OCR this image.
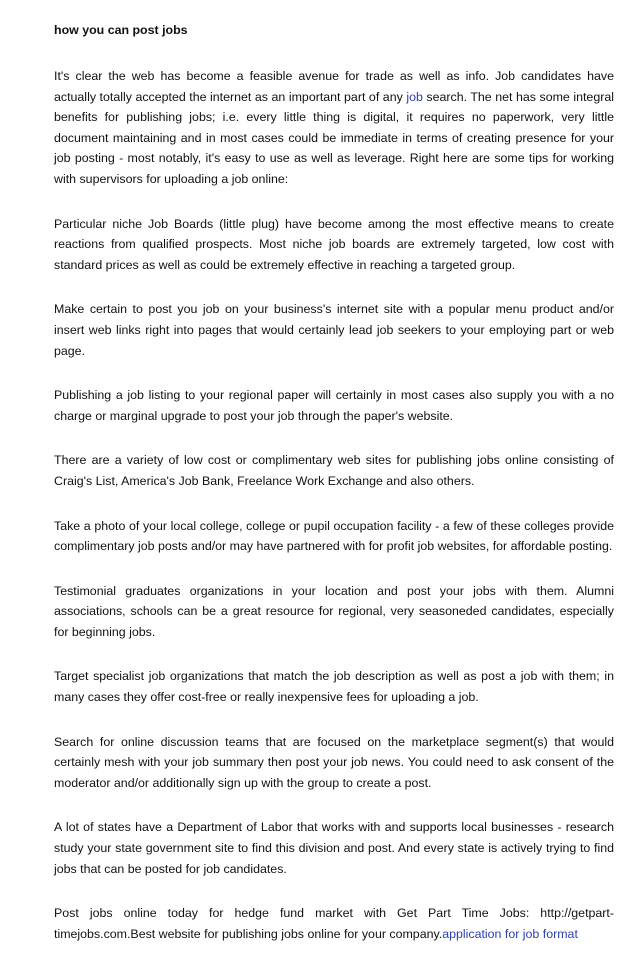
how you can post jobs

It's clear the web has become a feasible avenue for trade as well as info. Job candidates have actually totally accepted the internet as an important part of any job search. The net has some integral benefits for publishing jobs; i.e. every little thing is digital, it requires no paperwork, very little document maintaining and in most cases could be immediate in terms of creating presence for your job posting - most notably, it's easy to use as well as leverage. Right here are some tips for working with supervisors for uploading a job online:

Particular niche Job Boards (little plug) have become among the most effective means to create reactions from qualified prospects. Most niche job boards are extremely targeted, low cost with standard prices as well as could be extremely effective in reaching a targeted group.

Make certain to post you job on your business's internet site with a popular menu product and/or insert web links right into pages that would certainly lead job seekers to your employing part or web page.

Publishing a job listing to your regional paper will certainly in most cases also supply you with a no charge or marginal upgrade to post your job through the paper's website.

There are a variety of low cost or complimentary web sites for publishing jobs online consisting of Craig's List, America's Job Bank, Freelance Work Exchange and also others.

Take a photo of your local college, college or pupil occupation facility - a few of these colleges provide complimentary job posts and/or may have partnered with for profit job websites, for affordable posting.

Testimonial graduates organizations in your location and post your jobs with them. Alumni associations, schools can be a great resource for regional, very seasoneded candidates, especially for beginning jobs.

Target specialist job organizations that match the job description as well as post a job with them; in many cases they offer cost-free or really inexpensive fees for uploading a job.

Search for online discussion teams that are focused on the marketplace segment(s) that would certainly mesh with your job summary then post your job news. You could need to ask consent of the moderator and/or additionally sign up with the group to create a post.

A lot of states have a Department of Labor that works with and supports local businesses - research study your state government site to find this division and post. And every state is actively trying to find jobs that can be posted for job candidates.

Post jobs online today for hedge fund market with Get Part Time Jobs: http://getpart-timejobs.com.Best website for publishing jobs online for your company.application for job format
